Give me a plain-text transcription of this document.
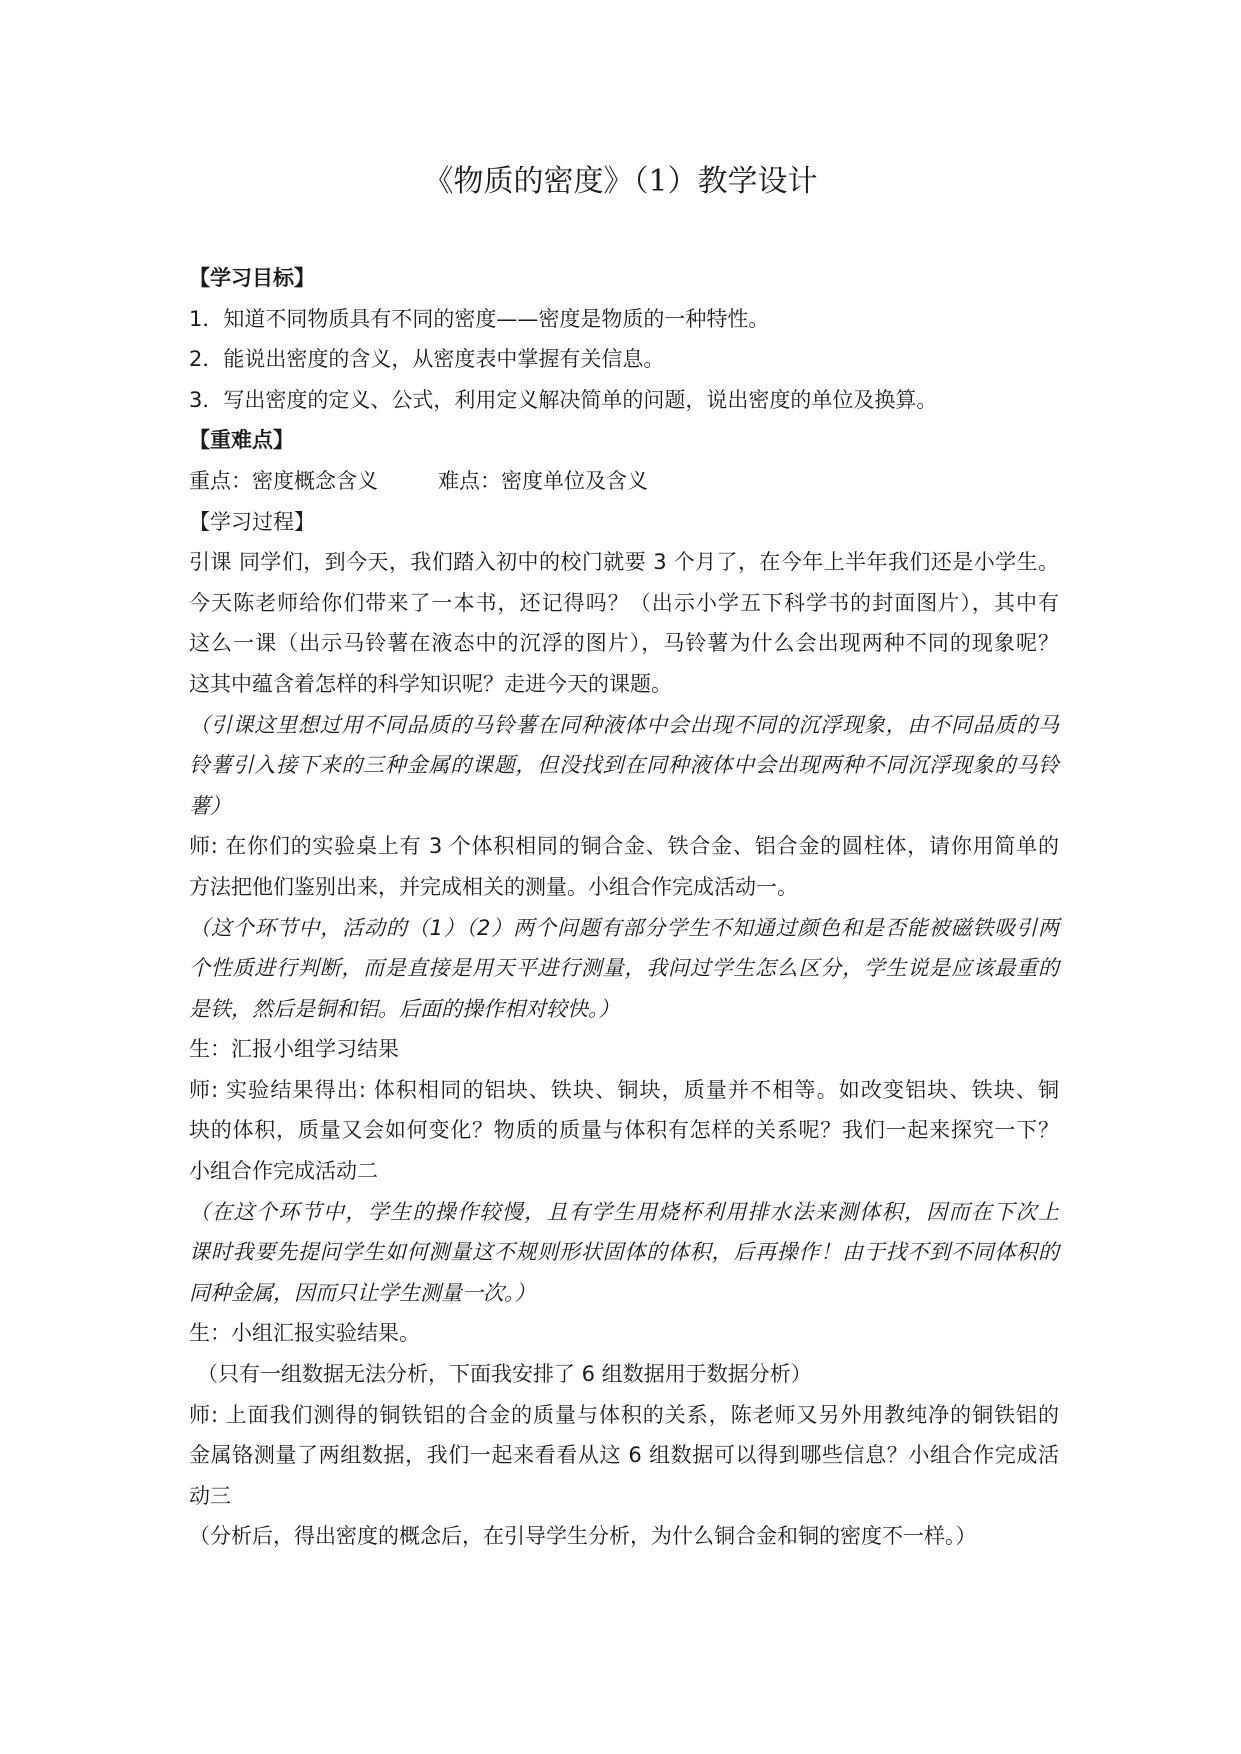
《物质的密度》（1）教学设计
【学习目标】
1．知道不同物质具有不同的密度——密度是物质的一种特性。
2．能说出密度的含义，从密度表中掌握有关信息。
3．写出密度的定义、公式，利用定义解决简单的问题，说出密度的单位及换算。
【重难点】
重点：密度概念含义	难点：密度单位及含义
【学习过程】
引课 同学们，到今天，我们踏入初中的校门就要 3 个月了，在今年上半年我们还是小学生。
今天陈老师给你们带来了一本书，还记得吗？（出示小学五下科学书的封面图片），其中有
这么一课（出示马铃薯在液态中的沉浮的图片），马铃薯为什么会出现两种不同的现象呢？
这其中蕴含着怎样的科学知识呢？走进今天的课题。
（引课这里想过用不同品质的马铃薯在同种液体中会出现不同的沉浮现象，由不同品质的马
铃薯引入接下来的三种金属的课题，但没找到在同种液体中会出现两种不同沉浮现象的马铃
薯）
师: 在你们的实验桌上有 3 个体积相同的铜合金、铁合金、铝合金的圆柱体，请你用简单的
方法把他们鉴别出来，并完成相关的测量。小组合作完成活动一。
（这个环节中，活动的（1）（2）两个问题有部分学生不知通过颜色和是否能被磁铁吸引两
个性质进行判断，而是直接是用天平进行测量，我问过学生怎么区分，学生说是应该最重的
是铁，然后是铜和铝。后面的操作相对较快。）
生：汇报小组学习结果
师: 实验结果得出: 体积相同的铝块、铁块、铜块，质量并不相等。如改变铝块、铁块、铜
块的体积，质量又会如何变化？物质的质量与体积有怎样的关系呢？我们一起来探究一下？
小组合作完成活动二
（在这个环节中，学生的操作较慢，且有学生用烧杯利用排水法来测体积，因而在下次上
课时我要先提问学生如何测量这不规则形状固体的体积，后再操作！由于找不到不同体积的
同种金属，因而只让学生测量一次。）
生：小组汇报实验结果。
（只有一组数据无法分析，下面我安排了 6 组数据用于数据分析）
师: 上面我们测得的铜铁铝的合金的质量与体积的关系，陈老师又另外用教纯净的铜铁铝的
金属铬测量了两组数据，我们一起来看看从这 6 组数据可以得到哪些信息？小组合作完成活
动三
（分析后，得出密度的概念后，在引导学生分析，为什么铜合金和铜的密度不一样。）
